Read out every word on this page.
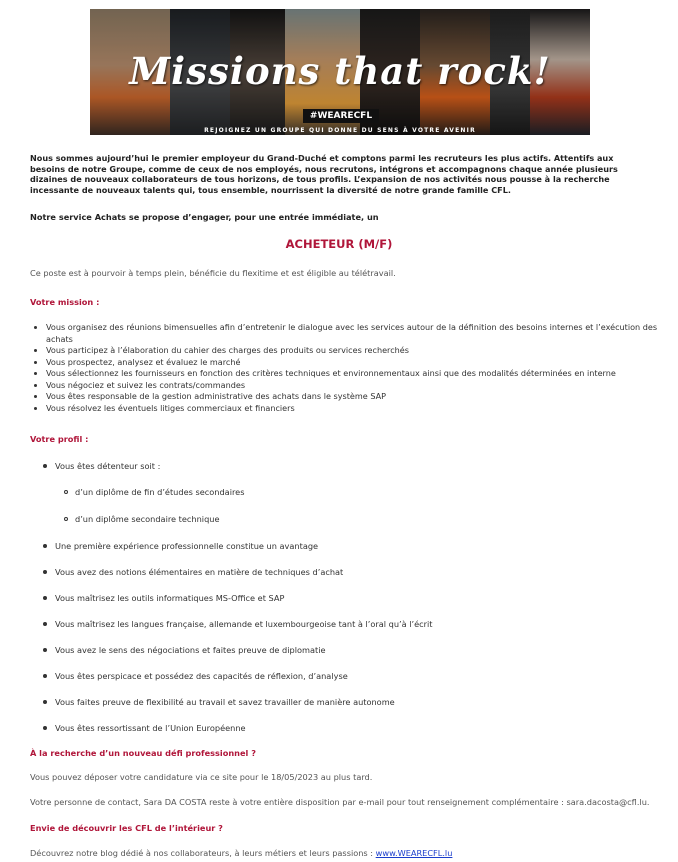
Missions that rock!
#WEARECFL
REJOIGNEZ UN GROUPE QUI DONNE DU SENS À VOTRE AVENIR

Nous sommes aujourd’hui le premier employeur du Grand-Duché et comptons parmi les recruteurs les plus actifs. Attentifs aux besoins de notre Groupe, comme de ceux de nos employés, nous recrutons, intégrons et accompagnons chaque année plusieurs dizaines de nouveaux collaborateurs de tous horizons, de tous profils. L’expansion de nos activités nous pousse à la recherche incessante de nouveaux talents qui, tous ensemble, nourrissent la diversité de notre grande famille CFL.

Notre service Achats se propose d’engager, pour une entrée immédiate, un

ACHETEUR (M/F)

Ce poste est à pourvoir à temps plein, bénéficie du flexitime et est éligible au télétravail.

Votre mission :

• Vous organisez des réunions bimensuelles afin d’entretenir le dialogue avec les services autour de la définition des besoins internes et l’exécution des achats
• Vous participez à l’élaboration du cahier des charges des produits ou services recherchés
• Vous prospectez, analysez et évaluez le marché
• Vous sélectionnez les fournisseurs en fonction des critères techniques et environnementaux ainsi que des modalités déterminées en interne
• Vous négociez et suivez les contrats/commandes
• Vous êtes responsable de la gestion administrative des achats dans le système SAP
• Vous résolvez les éventuels litiges commerciaux et financiers

Votre profil :

Vous êtes détenteur soit :
d’un diplôme de fin d’études secondaires
d’un diplôme secondaire technique
Une première expérience professionnelle constitue un avantage
Vous avez des notions élémentaires en matière de techniques d’achat
Vous maîtrisez les outils informatiques MS-Office et SAP
Vous maîtrisez les langues française, allemande et luxembourgeoise tant à l’oral qu’à l’écrit
Vous avez le sens des négociations et faites preuve de diplomatie
Vous êtes perspicace et possédez des capacités de réflexion, d’analyse
Vous faites preuve de flexibilité au travail et savez travailler de manière autonome
Vous êtes ressortissant de l’Union Européenne

À la recherche d’un nouveau défi professionnel ?

Vous pouvez déposer votre candidature via ce site pour le 18/05/2023 au plus tard.

Votre personne de contact, Sara DA COSTA reste à votre entière disposition par e-mail pour tout renseignement complémentaire : sara.dacosta@cfl.lu.

Envie de découvrir les CFL de l’intérieur ?

Découvrez notre blog dédié à nos collaborateurs, à leurs métiers et leurs passions : www.WEARECFL.lu
